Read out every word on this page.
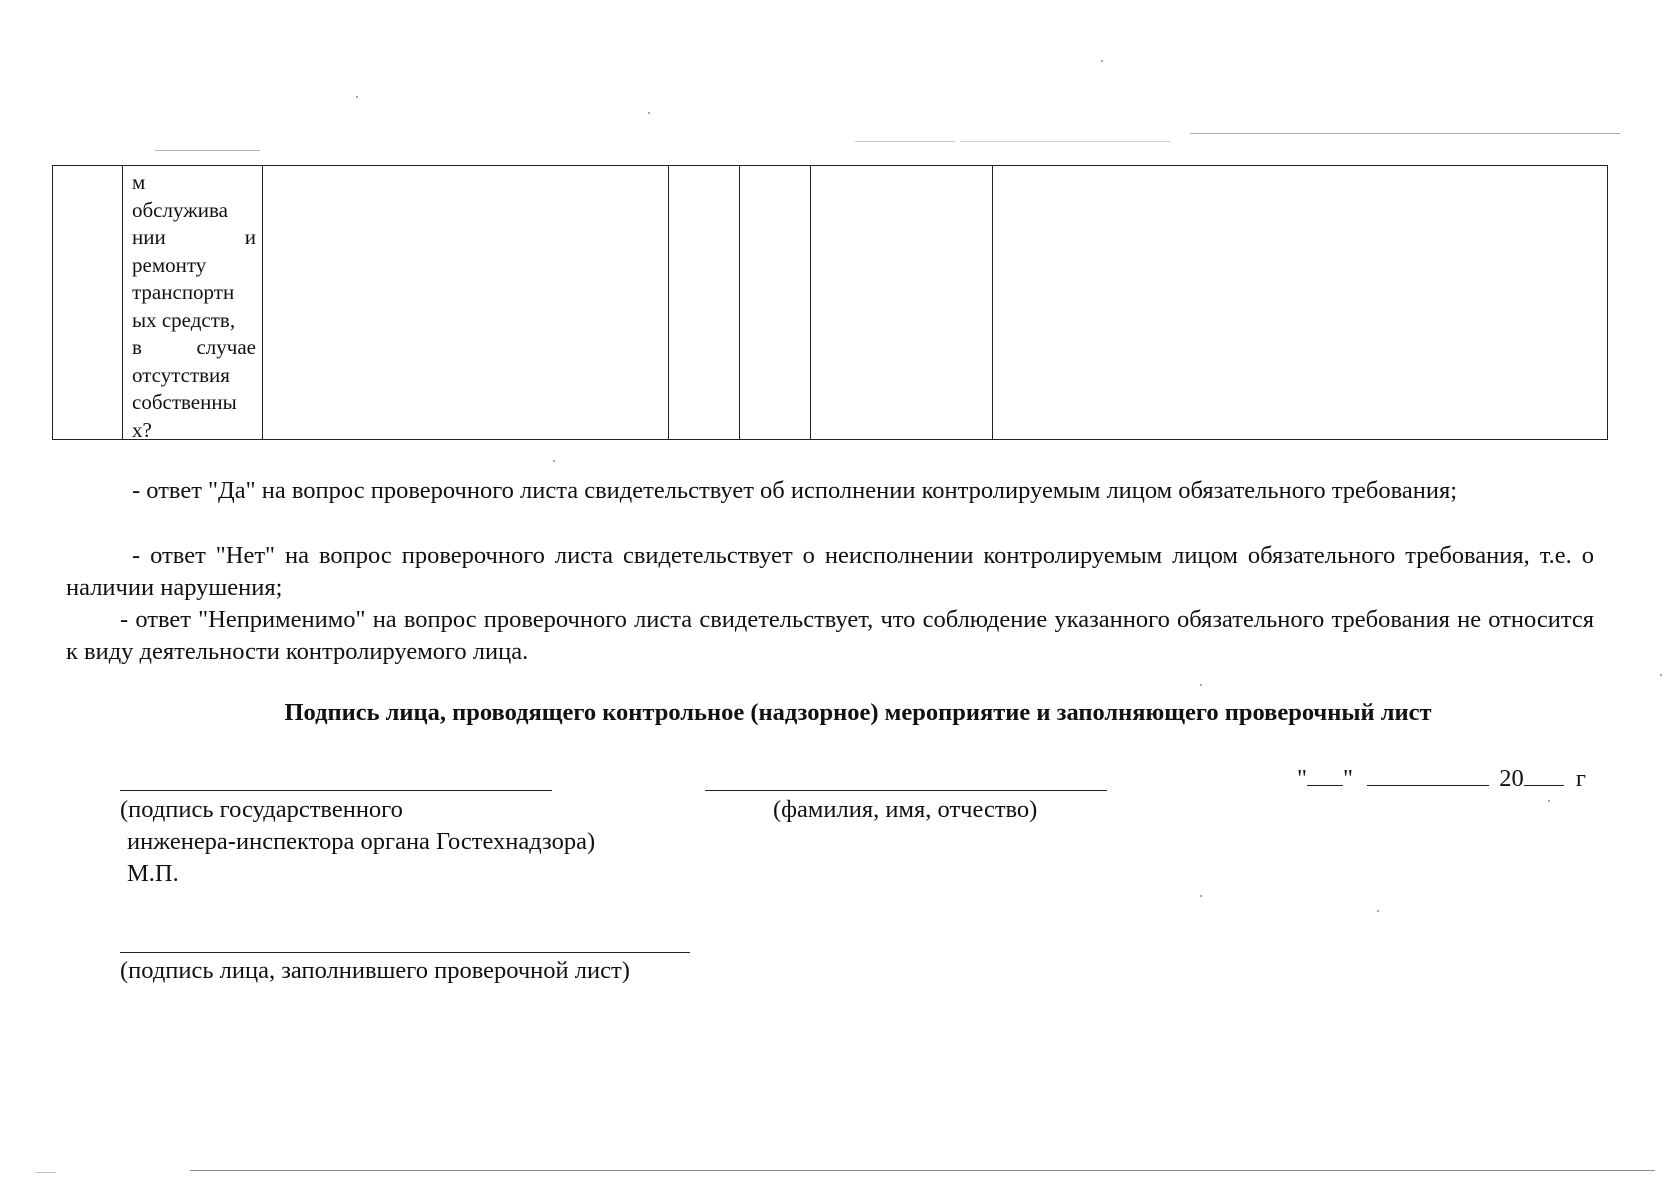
м
обслужива
нии	и
ремонту
транспортн
ых средств,
в	случае
отсутствия
собственны
х?
- ответ "Да" на вопрос проверочного листа свидетельствует об исполнении контролируемым лицом обязательного требования;
- ответ "Нет" на вопрос проверочного листа свидетельствует о неисполнении контролируемым лицом обязательного требования, т.е. о наличии нарушения;
- ответ "Неприменимо" на вопрос проверочного листа свидетельствует, что соблюдение указанного обязательного требования не относится к виду деятельности контролируемого лица.
Подпись лица, проводящего контрольное (надзорное) мероприятие и заполняющего проверочный лист
(подпись государственного
инженера-инспектора органа Гостехнадзора)
М.П.
(фамилия, имя, отчество)
" "	20 г
(подпись лица, заполнившего проверочной лист)
